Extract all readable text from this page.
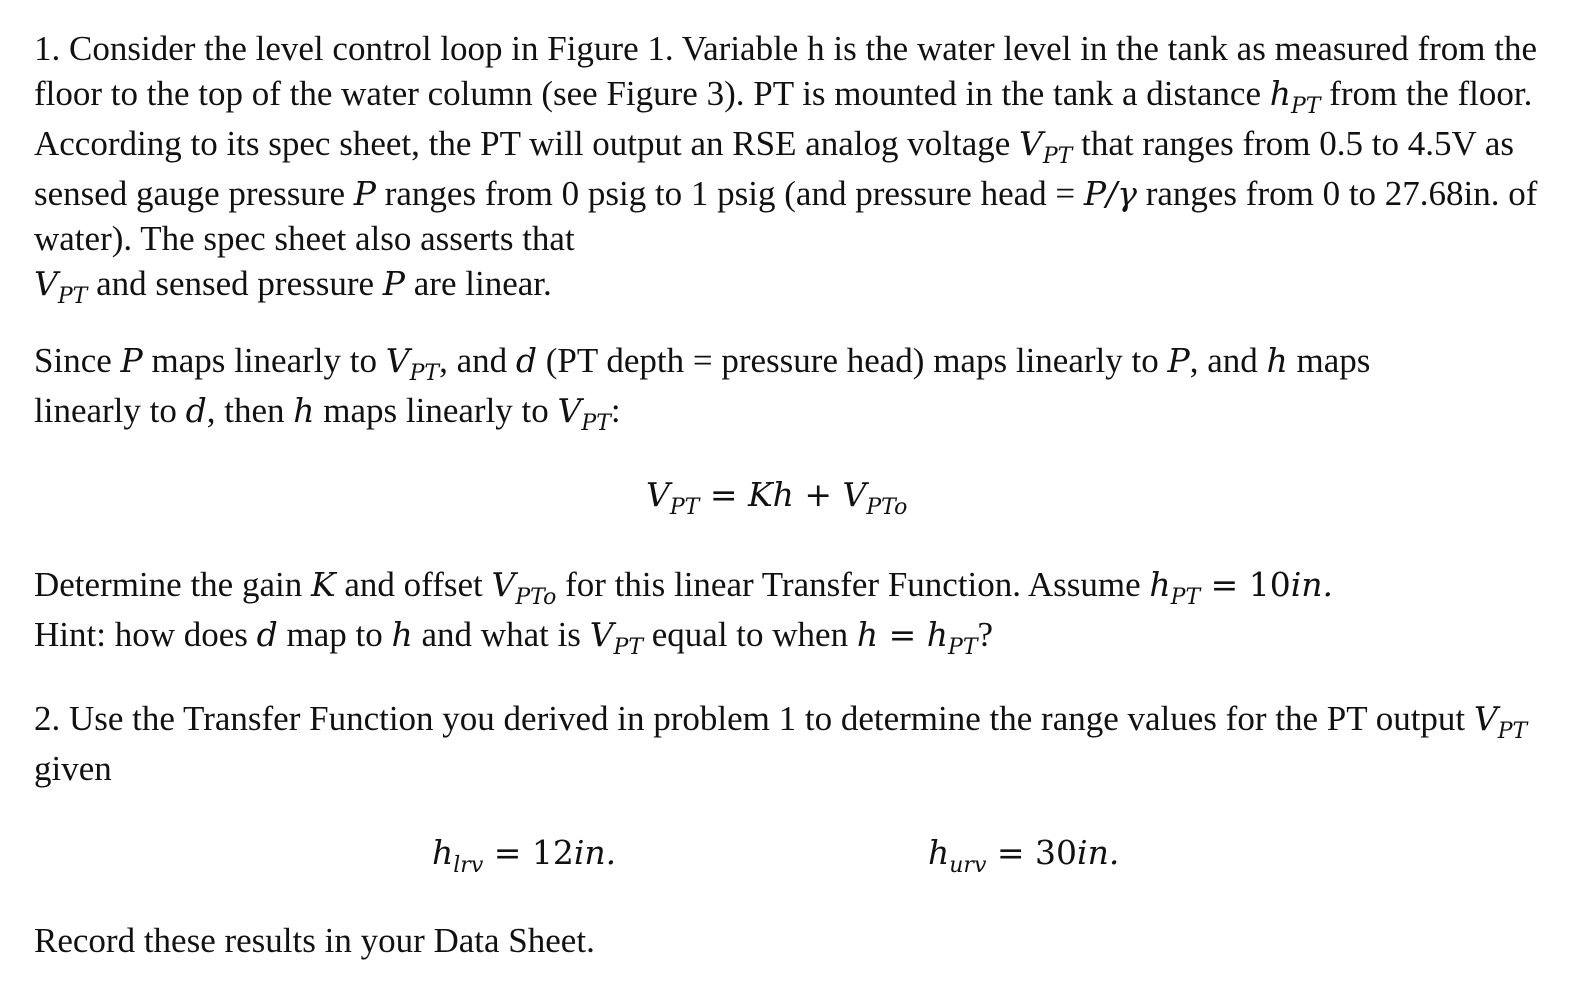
1. Consider the level control loop in Figure 1. Variable h is the water level in the tank as measured from the floor to the top of the water column (see Figure 3). PT is mounted in the tank a distance $h_{PT}$ from the floor. According to its spec sheet, the PT will output an RSE analog voltage $V_{PT}$ that ranges from 0.5 to 4.5V as sensed gauge pressure P ranges from 0 psig to 1 psig (and pressure head = P/γ ranges from 0 to 27.68in. of water). The spec sheet also asserts that
$V_{PT}$ and sensed pressure P are linear.

Since P maps linearly to $V_{PT}$, and d (PT depth = pressure head) maps linearly to P, and h maps
linearly to d, then h maps linearly to $V_{PT}$:

$V_{PT} = Kh + V_{PTo}$

Determine the gain K and offset $V_{PTo}$ for this linear Transfer Function. Assume $h_{PT} = 10in$.
Hint: how does d map to h and what is $V_{PT}$ equal to when $h = h_{PT}$?

2. Use the Transfer Function you derived in problem 1 to determine the range values for the PT output $V_{PT}$ given

$h_{lrv} = 12in$.	$h_{urv} = 30in$.

Record these results in your Data Sheet.
